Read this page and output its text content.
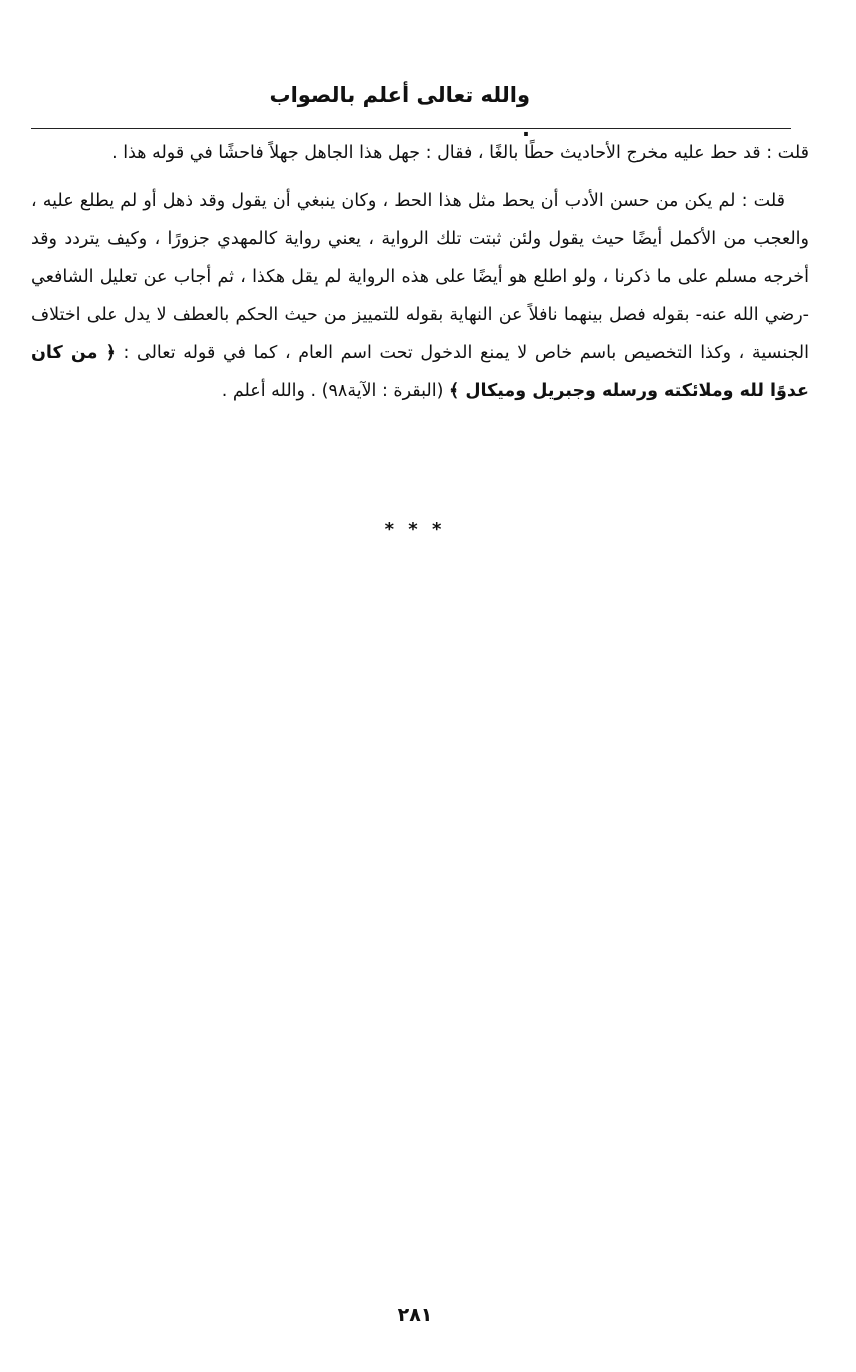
والله تعالى أعلم بالصواب .

قلت : قد حط عليه مخرج الأحاديث حطًا بالغًا ، فقال : جهل هذا الجاهل جهلاً فاحشًا في قوله هذا .

قلت : لم يكن من حسن الأدب أن يحط مثل هذا الحط ، وكان ينبغي أن يقول وقد ذهل أو لم يطلع عليه ، والعجب من الأكمل أيضًا حيث يقول ولئن ثبتت تلك الرواية ، يعني رواية كالمهدي جزورًا ، وكيف يتردد وقد أخرجه مسلم على ما ذكرنا ، ولو اطلع هو أيضًا على هذه الرواية لم يقل هكذا ، ثم أجاب عن تعليل الشافعي -رضي الله عنه- بقوله فصل بينهما نافلاً عن النهاية بقوله للتمييز من حيث الحكم بالعطف لا يدل على اختلاف الجنسية ، وكذا التخصيص باسم خاص لا يمنع الدخول تحت اسم العام ، كما في قوله تعالى : ﴿ من كان عدوًا لله وملائكته ورسله وجبريل وميكال ﴾ (البقرة : الآية٩٨) . والله أعلم .

* * *
٢٨١
